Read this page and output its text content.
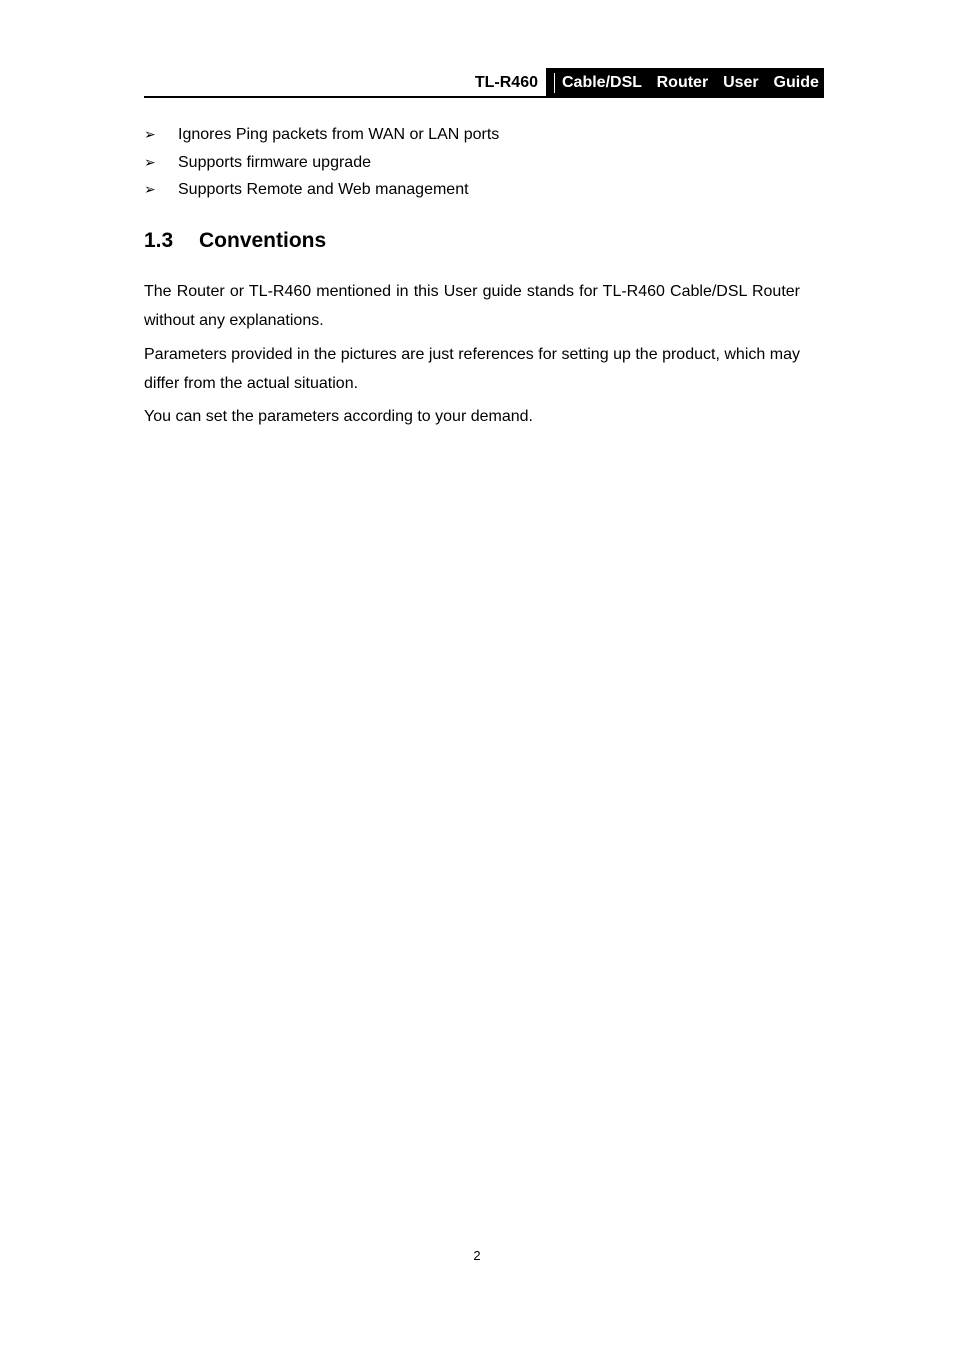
TL-R460	Cable/DSL  Router  User  Guide
➢ Ignores Ping packets from WAN or LAN ports
➢ Supports firmware upgrade
➢ Supports Remote and Web management
1.3 Conventions

The Router or TL-R460 mentioned in this User guide stands for TL-R460 Cable/DSL Router without any explanations.

Parameters provided in the pictures are just references for setting up the product, which may differ from the actual situation.

You can set the parameters according to your demand.

2
